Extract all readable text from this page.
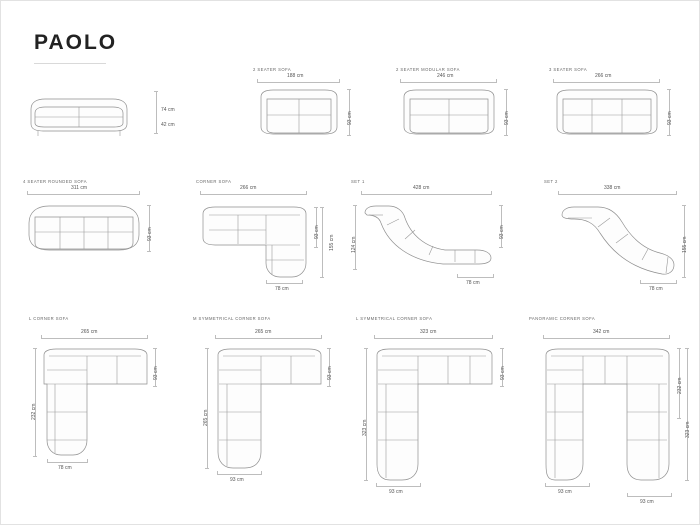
PAOLO
74 cm
42 cm
2 SEATER SOFA
188 cm
93 cm
2 SEATER MODULAR SOFA
246 cm
93 cm
3 SEATER SOFA
266 cm
93 cm
4 SEATER ROUNDED SOFA
311 cm
93 cm
CORNER SOFA
266 cm
93 cm
155 cm
78 cm
SET 1
428 cm
93 cm
124 cm
78 cm
SET 2
338 cm
155 cm
78 cm
L CORNER SOFA
265 cm
93 cm
232 cm
78 cm
M SYMMETRICAL CORNER SOFA
265 cm
93 cm
265 cm
93 cm
L SYMMETRICAL CORNER SOFA
323 cm
93 cm
323 cm
93 cm
PANORAMIC CORNER SOFA
342 cm
232 cm
323 cm
93 cm
93 cm
